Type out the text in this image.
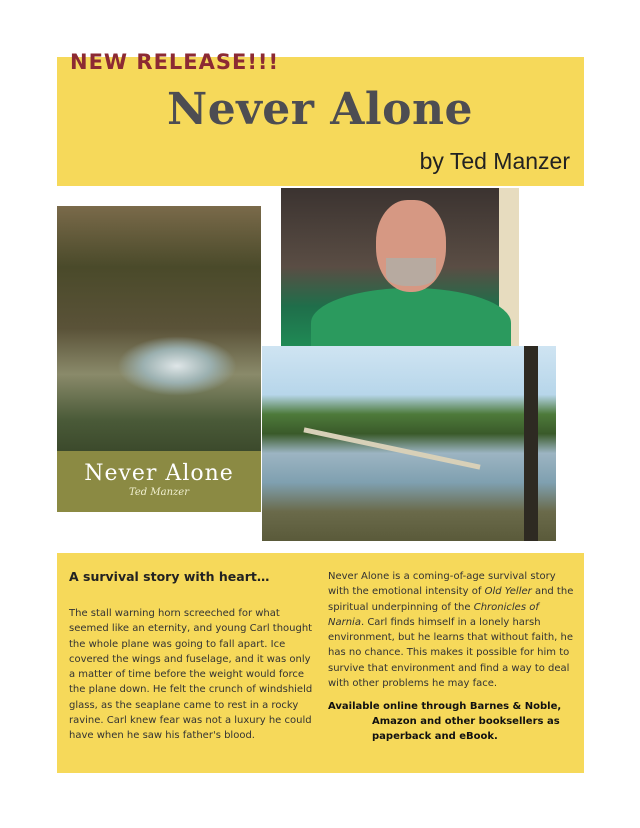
NEW RELEASE!!!
Never Alone
by Ted Manzer
Never Alone
Ted Manzer
A survival story with heart…

The stall warning horn screeched for what seemed like an eternity, and young Carl thought the whole plane was going to fall apart. Ice covered the wings and fuselage, and it was only a matter of time before the weight would force the plane down. He felt the crunch of windshield glass, as the seaplane came to rest in a rocky ravine. Carl knew fear was not a luxury he could have when he saw his father's blood.

Never Alone is a coming-of-age survival story with the emotional intensity of Old Yeller and the spiritual underpinning of the Chronicles of Narnia. Carl finds himself in a lonely harsh environment, but he learns that without faith, he has no chance. This makes it possible for him to survive that environment and find a way to deal with other problems he may face.

Available online through Barnes & Noble,
Amazon and other booksellers as paperback and eBook.
